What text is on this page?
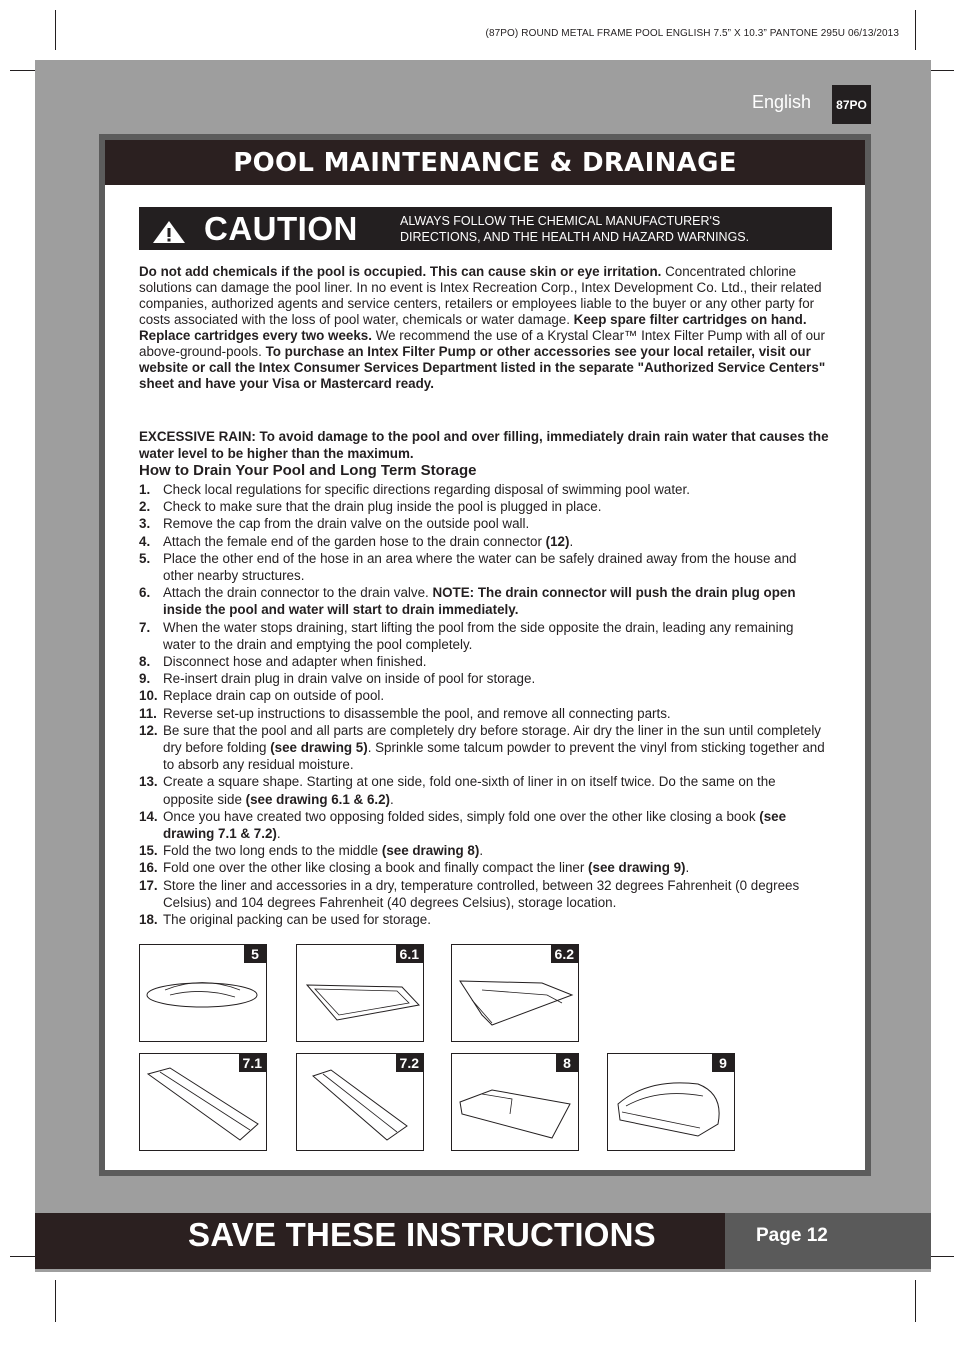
(87PO) ROUND METAL FRAME POOL ENGLISH 7.5” X 10.3” PANTONE 295U 06/13/2013
English	87PO
POOL MAINTENANCE & DRAINAGE
CAUTION	ALWAYS FOLLOW THE CHEMICAL MANUFACTURER'S
DIRECTIONS, AND THE HEALTH AND HAZARD WARNINGS.
Do not add chemicals if the pool is occupied. This can cause skin or eye irritation. Concentrated chlorine solutions can damage the pool liner. In no event is Intex Recreation Corp., Intex Development Co. Ltd., their related companies, authorized agents and service centers, retailers or employees liable to the buyer or any other party for costs associated with the loss of pool water, chemicals or water damage. Keep spare filter cartridges on hand. Replace cartridges every two weeks. We recommend the use of a Krystal Clear™ Intex Filter Pump with all of our above-ground-pools. To purchase an Intex Filter Pump or other accessories see your local retailer, visit our website or call the Intex Consumer Services Department listed in the separate "Authorized Service Centers" sheet and have your Visa or Mastercard ready.
EXCESSIVE RAIN: To avoid damage to the pool and over filling, immediately drain rain water that causes the water level to be higher than the maximum.
How to Drain Your Pool and Long Term Storage
1. Check local regulations for specific directions regarding disposal of swimming pool water.
2. Check to make sure that the drain plug inside the pool is plugged in place.
3. Remove the cap from the drain valve on the outside pool wall.
4. Attach the female end of the garden hose to the drain connector (12).
5. Place the other end of the hose in an area where the water can be safely drained away from the house and other nearby structures.
6. Attach the drain connector to the drain valve. NOTE: The drain connector will push the drain plug open inside the pool and water will start to drain immediately.
7. When the water stops draining, start lifting the pool from the side opposite the drain, leading any remaining water to the drain and emptying the pool completely.
8. Disconnect hose and adapter when finished.
9. Re-insert drain plug in drain valve on inside of pool for storage.
10. Replace drain cap on outside of pool.
11. Reverse set-up instructions to disassemble the pool, and remove all connecting parts.
12. Be sure that the pool and all parts are completely dry before storage. Air dry the liner in the sun until completely dry before folding (see drawing 5). Sprinkle some talcum powder to prevent the vinyl from sticking together and to absorb any residual moisture.
13. Create a square shape. Starting at one side, fold one-sixth of liner in on itself twice. Do the same on the opposite side (see drawing 6.1 & 6.2).
14. Once you have created two opposing folded sides, simply fold one over the other like closing a book (see drawing 7.1 & 7.2).
15. Fold the two long ends to the middle (see drawing 8).
16. Fold one over the other like closing a book and finally compact the liner (see drawing 9).
17. Store the liner and accessories in a dry, temperature controlled, between 32 degrees Fahrenheit (0 degrees Celsius) and 104 degrees Fahrenheit (40 degrees Celsius), storage location.
18. The original packing can be used for storage.
5	6.1	6.2
7.1	7.2	8	9
SAVE THESE INSTRUCTIONS	Page 12
